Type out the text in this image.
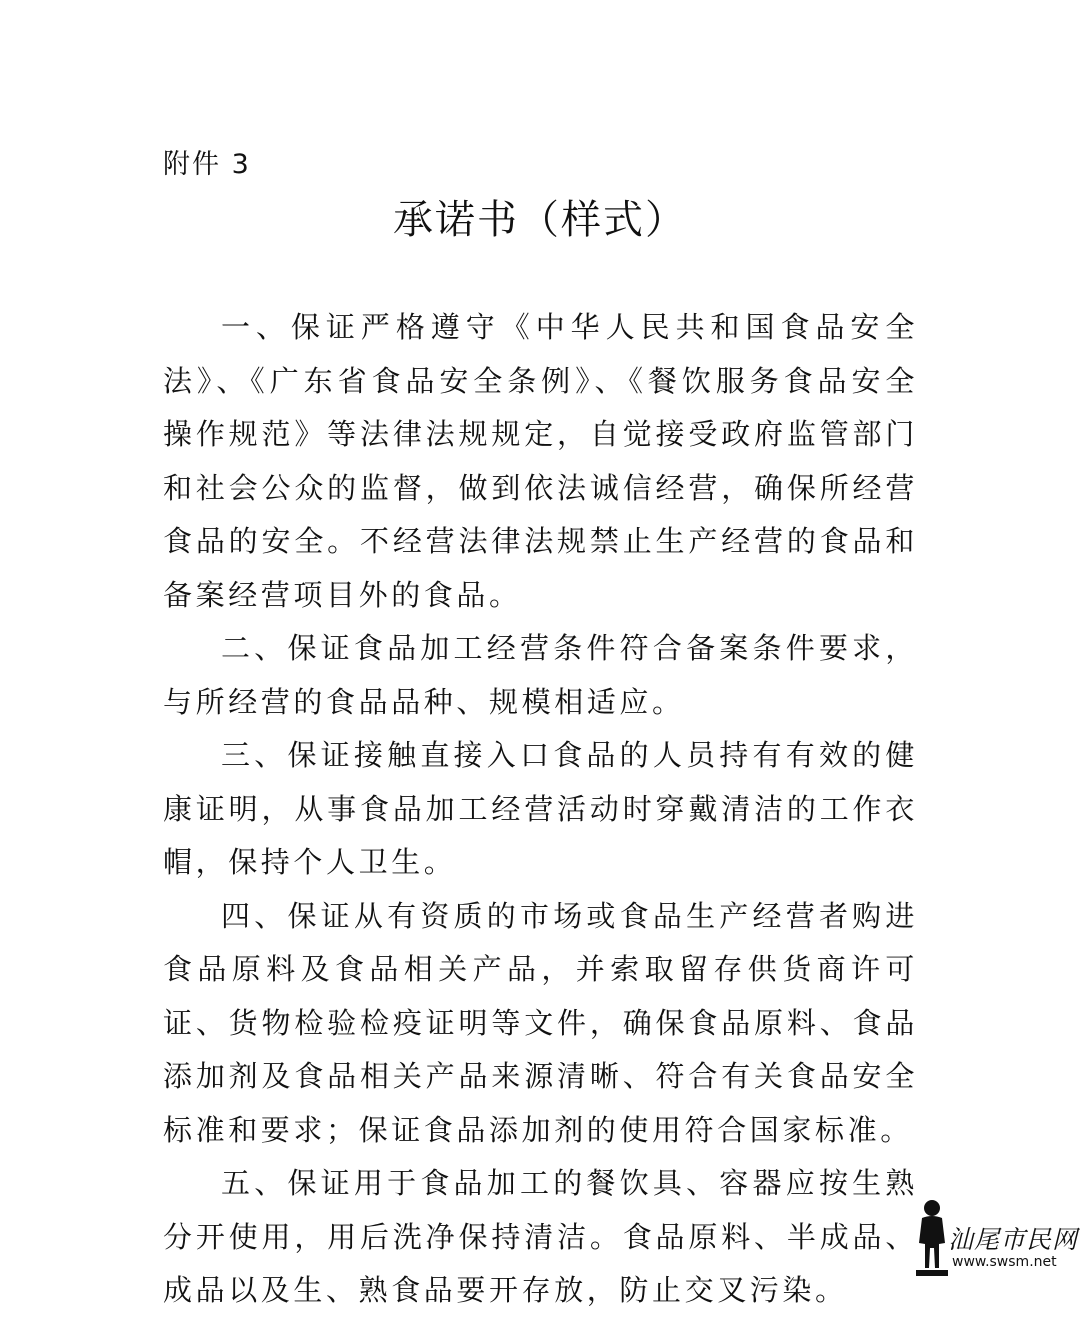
附件 3
承诺书（样式）

一、保证严格遵守《中华人民共和国食品安全法》、《广东省食品安全条例》、《餐饮服务食品安全操作规范》等法律法规规定，自觉接受政府监管部门和社会公众的监督，做到依法诚信经营，确保所经营食品的安全。不经营法律法规禁止生产经营的食品和备案经营项目外的食品。

二、保证食品加工经营条件符合备案条件要求，与所经营的食品品种、规模相适应。

三、保证接触直接入口食品的人员持有有效的健康证明，从事食品加工经营活动时穿戴清洁的工作衣帽，保持个人卫生。

四、保证从有资质的市场或食品生产经营者购进食品原料及食品相关产品，并索取留存供货商许可证、货物检验检疫证明等文件，确保食品原料、食品添加剂及食品相关产品来源清晰、符合有关食品安全标准和要求；保证食品添加剂的使用符合国家标准。

五、保证用于食品加工的餐饮具、容器应按生熟分开使用，用后洗净保持清洁。食品原料、半成品、成品以及生、熟食品要开存放，防止交叉污染。

汕尾市民网
www.swsm.net
